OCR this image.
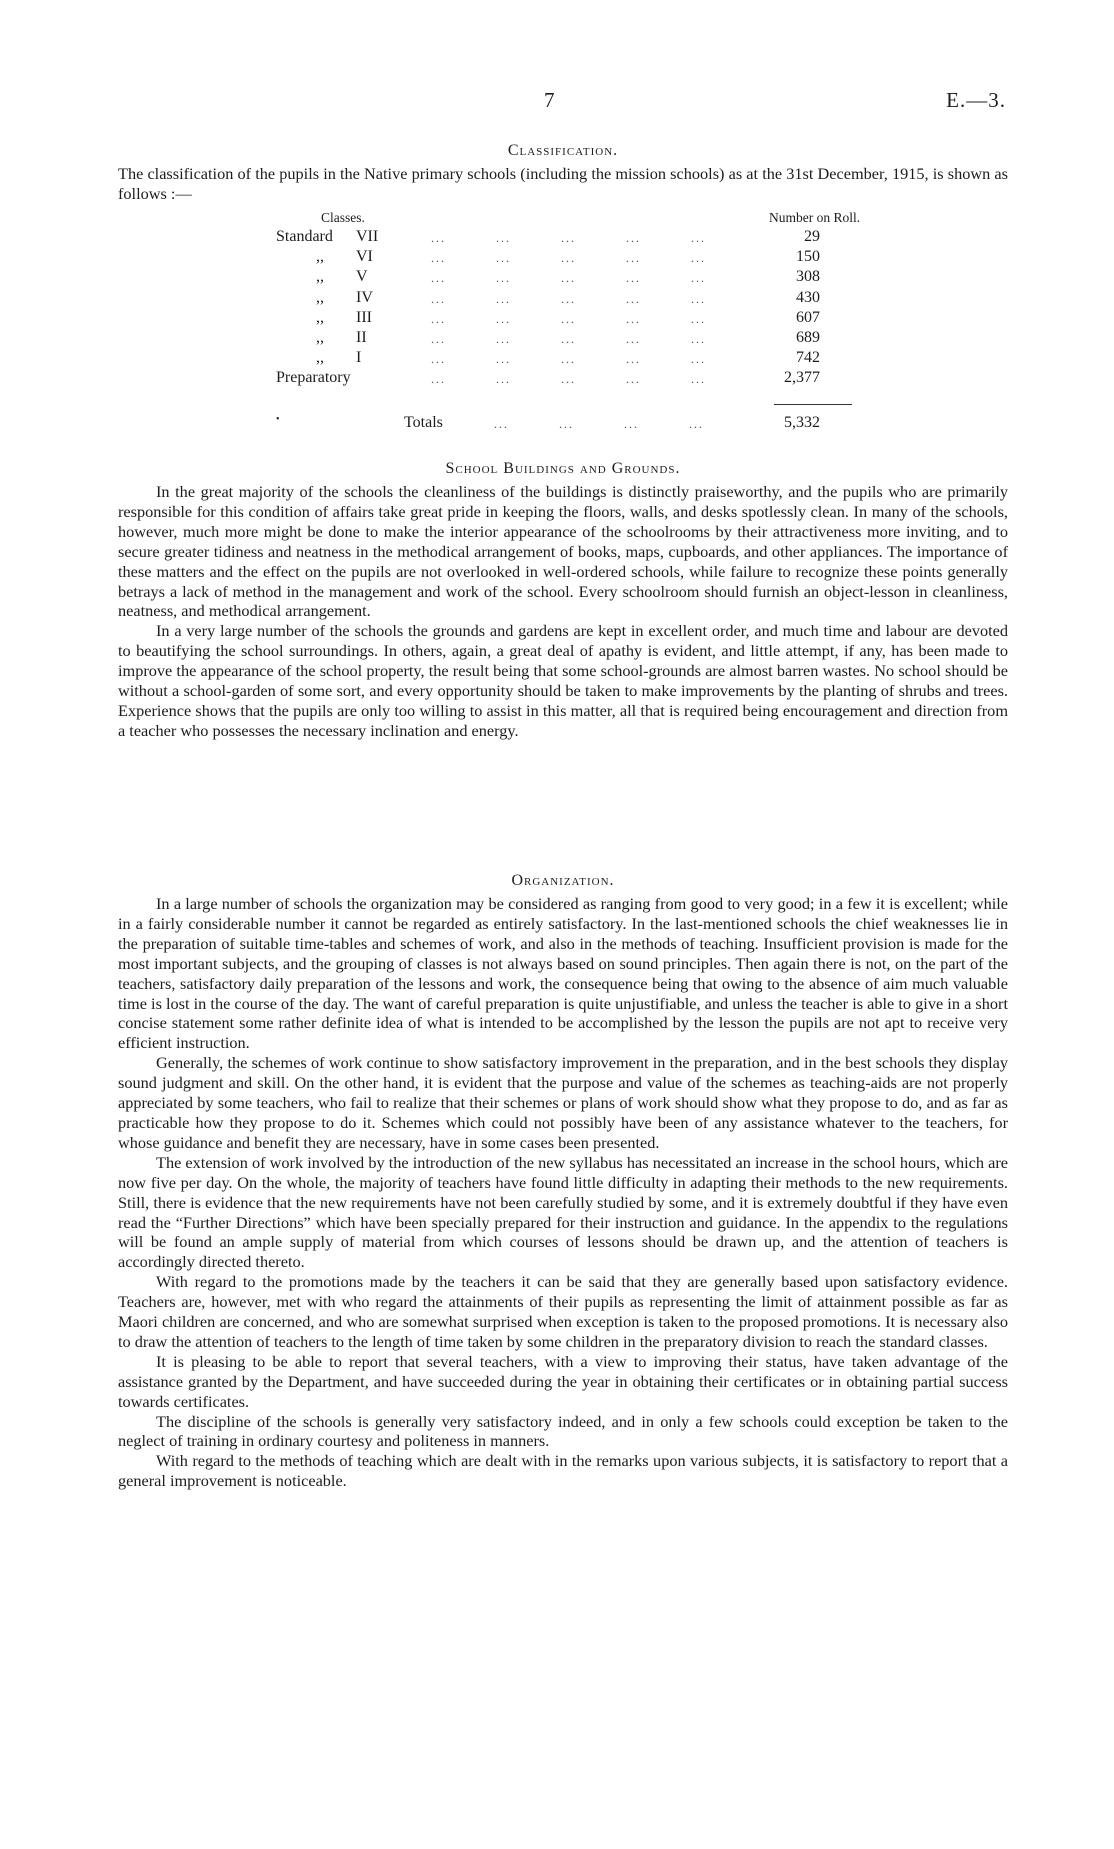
7	E.—3.
Classification.
The classification of the pupils in the Native primary schools (including the mission schools) as at the 31st December, 1915, is shown as follows :—
Classes.	Number on Roll.
Standard VII	...          ...          ...          ...          ...	29
,, VI	...          ...          ...          ...          ...	150
,, V	...          ...          ...          ...          ...	308
,, IV	...          ...          ...          ...          ...	430
,, III	...          ...          ...          ...          ...	607
,, II	...          ...          ...          ...          ...	689
,, I	...          ...          ...          ...          ...	742
Preparatory	...          ...          ...          ...          ...	2,377
•	Totals	...          ...          ...          ...	5,332
School Buildings and Grounds.

In the great majority of the schools the cleanliness of the buildings is distinctly praiseworthy, and the pupils who are primarily responsible for this condition of affairs take great pride in keeping the floors, walls, and desks spotlessly clean. In many of the schools, however, much more might be done to make the interior appearance of the schoolrooms by their attractiveness more inviting, and to secure greater tidiness and neatness in the methodical arrangement of books, maps, cupboards, and other appliances. The importance of these matters and the effect on the pupils are not overlooked in well-ordered schools, while failure to recognize these points generally betrays a lack of method in the management and work of the school. Every schoolroom should furnish an object-lesson in cleanliness, neatness, and methodical arrangement.

In a very large number of the schools the grounds and gardens are kept in excellent order, and much time and labour are devoted to beautifying the school surroundings. In others, again, a great deal of apathy is evident, and little attempt, if any, has been made to improve the appearance of the school property, the result being that some school-grounds are almost barren wastes. No school should be without a school-garden of some sort, and every opportunity should be taken to make improvements by the planting of shrubs and trees. Experience shows that the pupils are only too willing to assist in this matter, all that is required being encouragement and direction from a teacher who possesses the necessary inclination and energy.

Organization.

In a large number of schools the organization may be considered as ranging from good to very good; in a few it is excellent; while in a fairly considerable number it cannot be regarded as entirely satisfactory. In the last-mentioned schools the chief weaknesses lie in the preparation of suitable time-tables and schemes of work, and also in the methods of teaching. Insufficient provision is made for the most important subjects, and the grouping of classes is not always based on sound principles. Then again there is not, on the part of the teachers, satisfactory daily preparation of the lessons and work, the consequence being that owing to the absence of aim much valuable time is lost in the course of the day. The want of careful preparation is quite unjustifiable, and unless the teacher is able to give in a short concise statement some rather definite idea of what is intended to be accomplished by the lesson the pupils are not apt to receive very efficient instruction.

Generally, the schemes of work continue to show satisfactory improvement in the preparation, and in the best schools they display sound judgment and skill. On the other hand, it is evident that the purpose and value of the schemes as teaching-aids are not properly appreciated by some teachers, who fail to realize that their schemes or plans of work should show what they propose to do, and as far as practicable how they propose to do it. Schemes which could not possibly have been of any assistance whatever to the teachers, for whose guidance and benefit they are necessary, have in some cases been presented.

The extension of work involved by the introduction of the new syllabus has necessitated an increase in the school hours, which are now five per day. On the whole, the majority of teachers have found little difficulty in adapting their methods to the new requirements. Still, there is evidence that the new requirements have not been carefully studied by some, and it is extremely doubtful if they have even read the “Further Directions” which have been specially prepared for their instruction and guidance. In the appendix to the regulations will be found an ample supply of material from which courses of lessons should be drawn up, and the attention of teachers is accordingly directed thereto.

With regard to the promotions made by the teachers it can be said that they are generally based upon satisfactory evidence. Teachers are, however, met with who regard the attainments of their pupils as representing the limit of attainment possible as far as Maori children are concerned, and who are somewhat surprised when exception is taken to the proposed promotions. It is necessary also to draw the attention of teachers to the length of time taken by some children in the preparatory division to reach the standard classes.

It is pleasing to be able to report that several teachers, with a view to improving their status, have taken advantage of the assistance granted by the Department, and have succeeded during the year in obtaining their certificates or in obtaining partial success towards certificates.

The discipline of the schools is generally very satisfactory indeed, and in only a few schools could exception be taken to the neglect of training in ordinary courtesy and politeness in manners.

With regard to the methods of teaching which are dealt with in the remarks upon various subjects, it is satisfactory to report that a general improvement is noticeable.
